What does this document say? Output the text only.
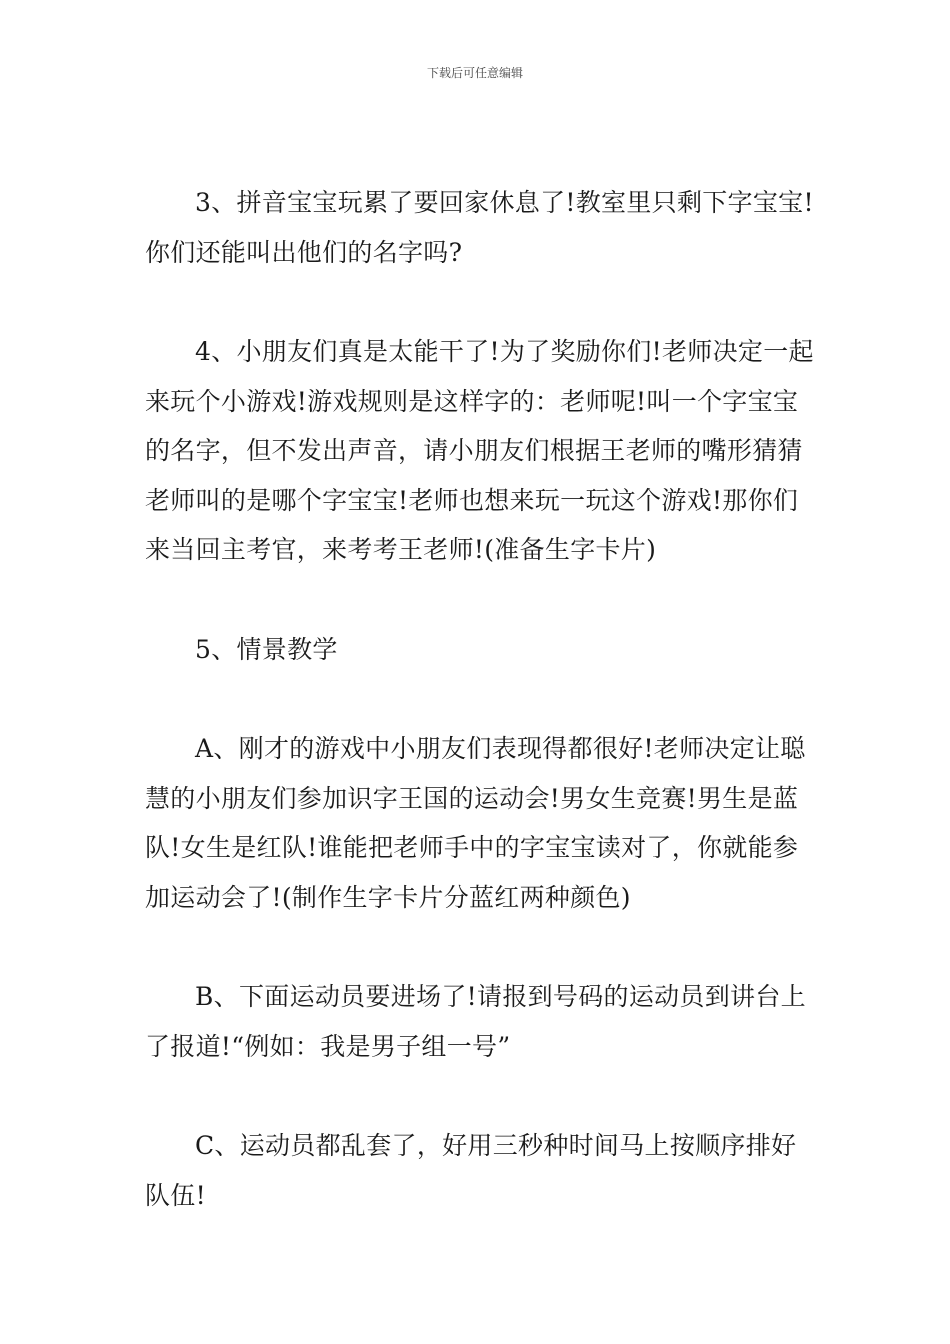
下载后可任意编辑

3、拼音宝宝玩累了要回家休息了!教室里只剩下字宝宝!你们还能叫出他们的名字吗?

4、小朋友们真是太能干了!为了奖励你们!老师决定一起来玩个小游戏!游戏规则是这样字的：老师呢!叫一个字宝宝的名字，但不发出声音，请小朋友们根据王老师的嘴形猜猜老师叫的是哪个字宝宝!老师也想来玩一玩这个游戏!那你们来当回主考官，来考考王老师!(准备生字卡片)

5、情景教学

A、刚才的游戏中小朋友们表现得都很好!老师决定让聪慧的小朋友们参加识字王国的运动会!男女生竞赛!男生是蓝队!女生是红队!谁能把老师手中的字宝宝读对了，你就能参加运动会了!(制作生字卡片分蓝红两种颜色)

B、下面运动员要进场了!请报到号码的运动员到讲台上了报道!“例如：我是男子组一号”

C、运动员都乱套了，好用三秒种时间马上按顺序排好队伍!
